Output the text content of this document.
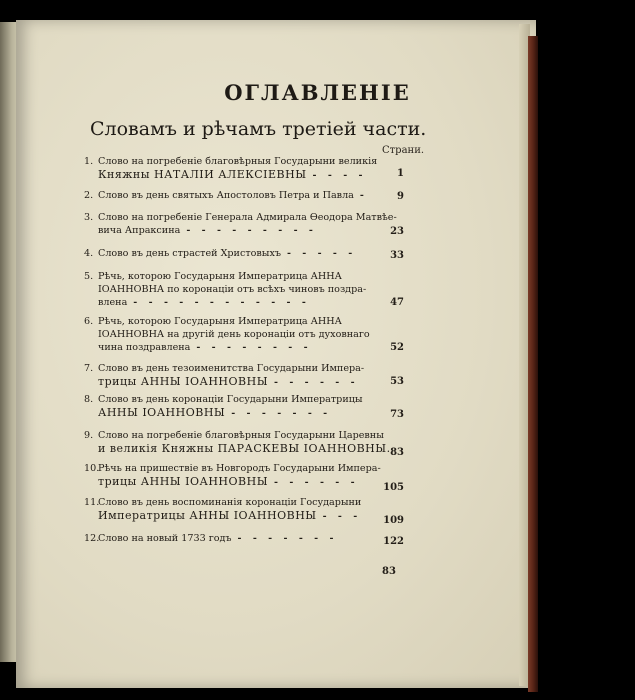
ОГЛАВЛЕНІЕ
Словамъ и рѣчамъ третiей части.
Страни.
1. Слово на погребеніе благовѣрныя Государыни великія
Княжны НАТАЛІИ АЛЕКСІЕВНЫ - - - -	1
2. Слово въ день святыхъ Апостоловъ Петра и Павла -	9
3. Слово на погребеніе Генерала Адмирала Ѳеодора Матвѣе-
вича Апраксина - - - - - - - - -	23
4. Слово въ день страстей Христовыхъ - - - - -	33
5. Рѣчь, которою Государыня Императрица АННА
ІОАННОВНА по коронаціи отъ всѣхъ чиновъ поздра-
влена - - - - - - - - - - - -	47
6. Рѣчь, которою Государыня Императрица АННА
ІОАННОВНА на другiй день коронаціи отъ духовнаго
чина поздравлена - - - - - - - -	52
7. Слово въ день тезоименитства Государыни Импера-
трицы АННЫ ІОАННОВНЫ - - - - - -	53
8. Слово въ день коронаціи Государыни Императрицы
АННЫ ІОАННОВНЫ - - - - - - -	73
9. Слово на погребеніе благовѣрныя Государыни Царевны
и великія Княжны ПАРАСКЕВЫ ІОАННОВНЫ. 83
10.
Рѣчь на пришествіе въ Новгородъ Государыни Импера-
трицы АННЫ ІОАННОВНЫ - - - - - -	105
11.
Слово въ день воспоминанія коронаціи Государыни
Императрицы АННЫ ІОАННОВНЫ - - -	109
12.
Слово на новый 1733 годъ - - - - - - -	122
83
